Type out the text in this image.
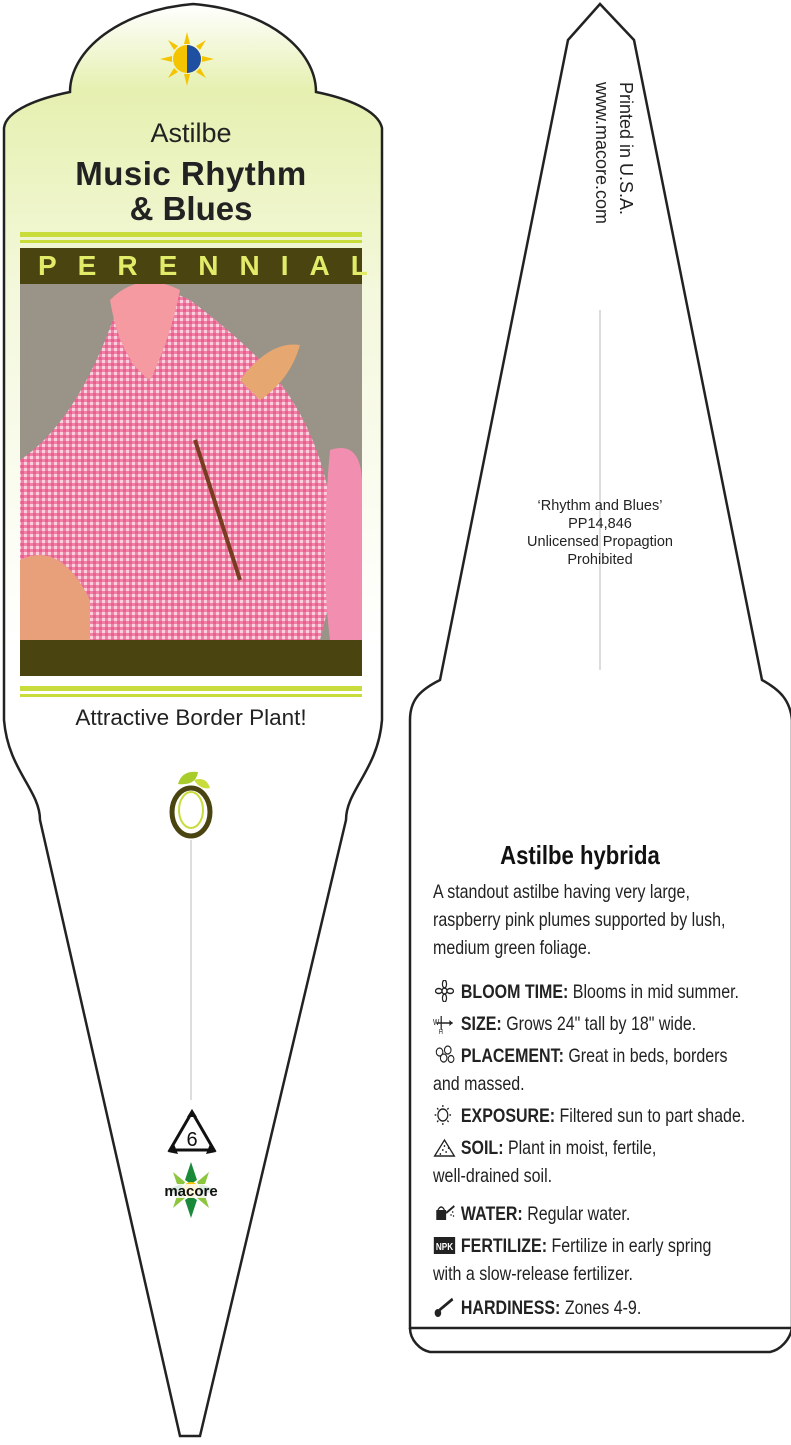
Astilbe
Music Rhythm
& Blues
PERENNIAL
Attractive Border Plant!
6
macore
Printed in U.S.A.
www.macore.com
‘Rhythm and Blues’
PP14,846
Unlicensed Propagtion
Prohibited
Astilbe hybrida
A standout astilbe having very large,
raspberry pink plumes supported by lush,
medium green foliage.
BLOOM TIME: Blooms in mid summer.
W
H SIZE: Grows 24" tall by 18" wide.
PLACEMENT: Great in beds, borders
and massed.
EXPOSURE: Filtered sun to part shade.
SOIL: Plant in moist, fertile,
well-drained soil.
WATER: Regular water.
NPK FERTILIZE: Fertilize in early spring
with a slow-release fertilizer.
HARDINESS: Zones 4-9.
